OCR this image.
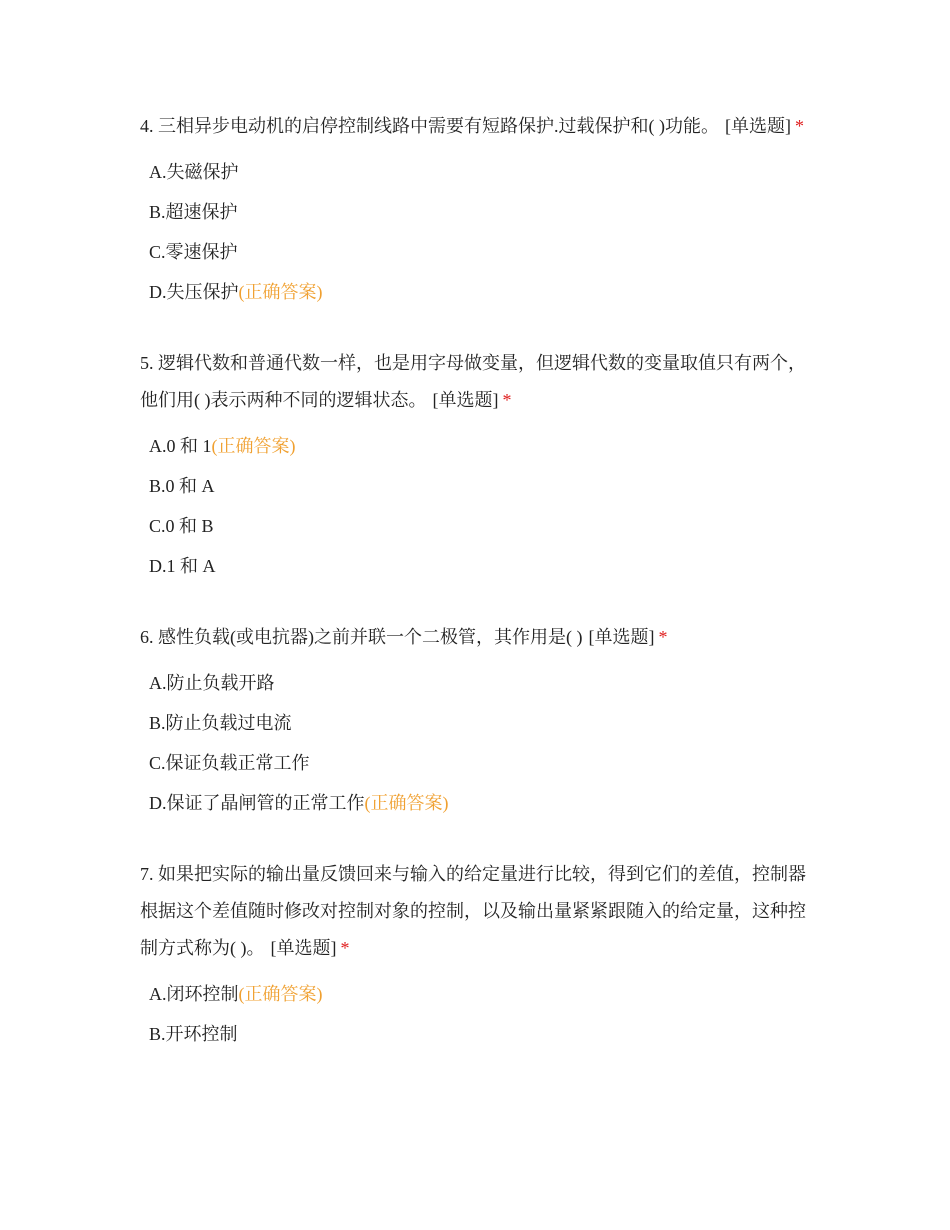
4. 三相异步电动机的启停控制线路中需要有短路保护.过载保护和( )功能。 [单选题] *

A.失磁保护
B.超速保护
C.零速保护
D.失压保护(正确答案)

5. 逻辑代数和普通代数一样，也是用字母做变量，但逻辑代数的变量取值只有两个，他们用( )表示两种不同的逻辑状态。 [单选题] *

A.0 和 1(正确答案)
B.0 和 A
C.0 和 B
D.1 和 A

6. 感性负载(或电抗器)之前并联一个二极管，其作用是( ) [单选题] *

A.防止负载开路
B.防止负载过电流
C.保证负载正常工作
D.保证了晶闸管的正常工作(正确答案)

7. 如果把实际的输出量反馈回来与输入的给定量进行比较，得到它们的差值，控制器根据这个差值随时修改对控制对象的控制，以及输出量紧紧跟随入的给定量，这种控制方式称为( )。 [单选题] *

A.闭环控制(正确答案)
B.开环控制
